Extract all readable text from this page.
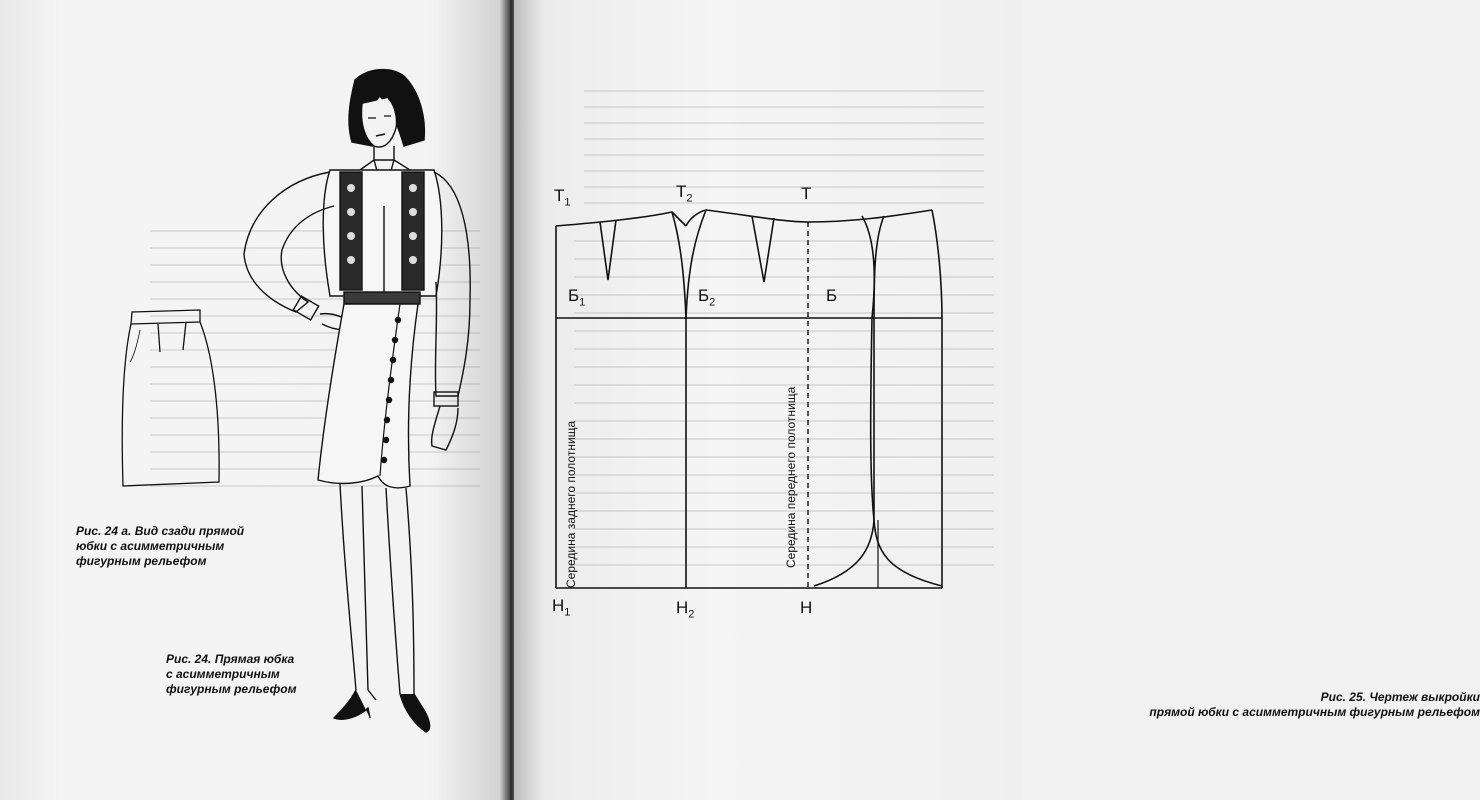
Рис. 24 а. Вид сзади прямой
юбки с асимметричным
фигурным рельефом
Рис. 24. Прямая юбка
с асимметричным
фигурным рельефом
$Т_1$
$Т_2$	Т
$Б_1$	$Б_2$	Б
$Н_1$	$Н_2$	Н
Середина заднего полотнища	Середина переднего полотнища
Рис. 25. Чертеж выкройки
прямой юбки с асимметричным фигурным рельефом
